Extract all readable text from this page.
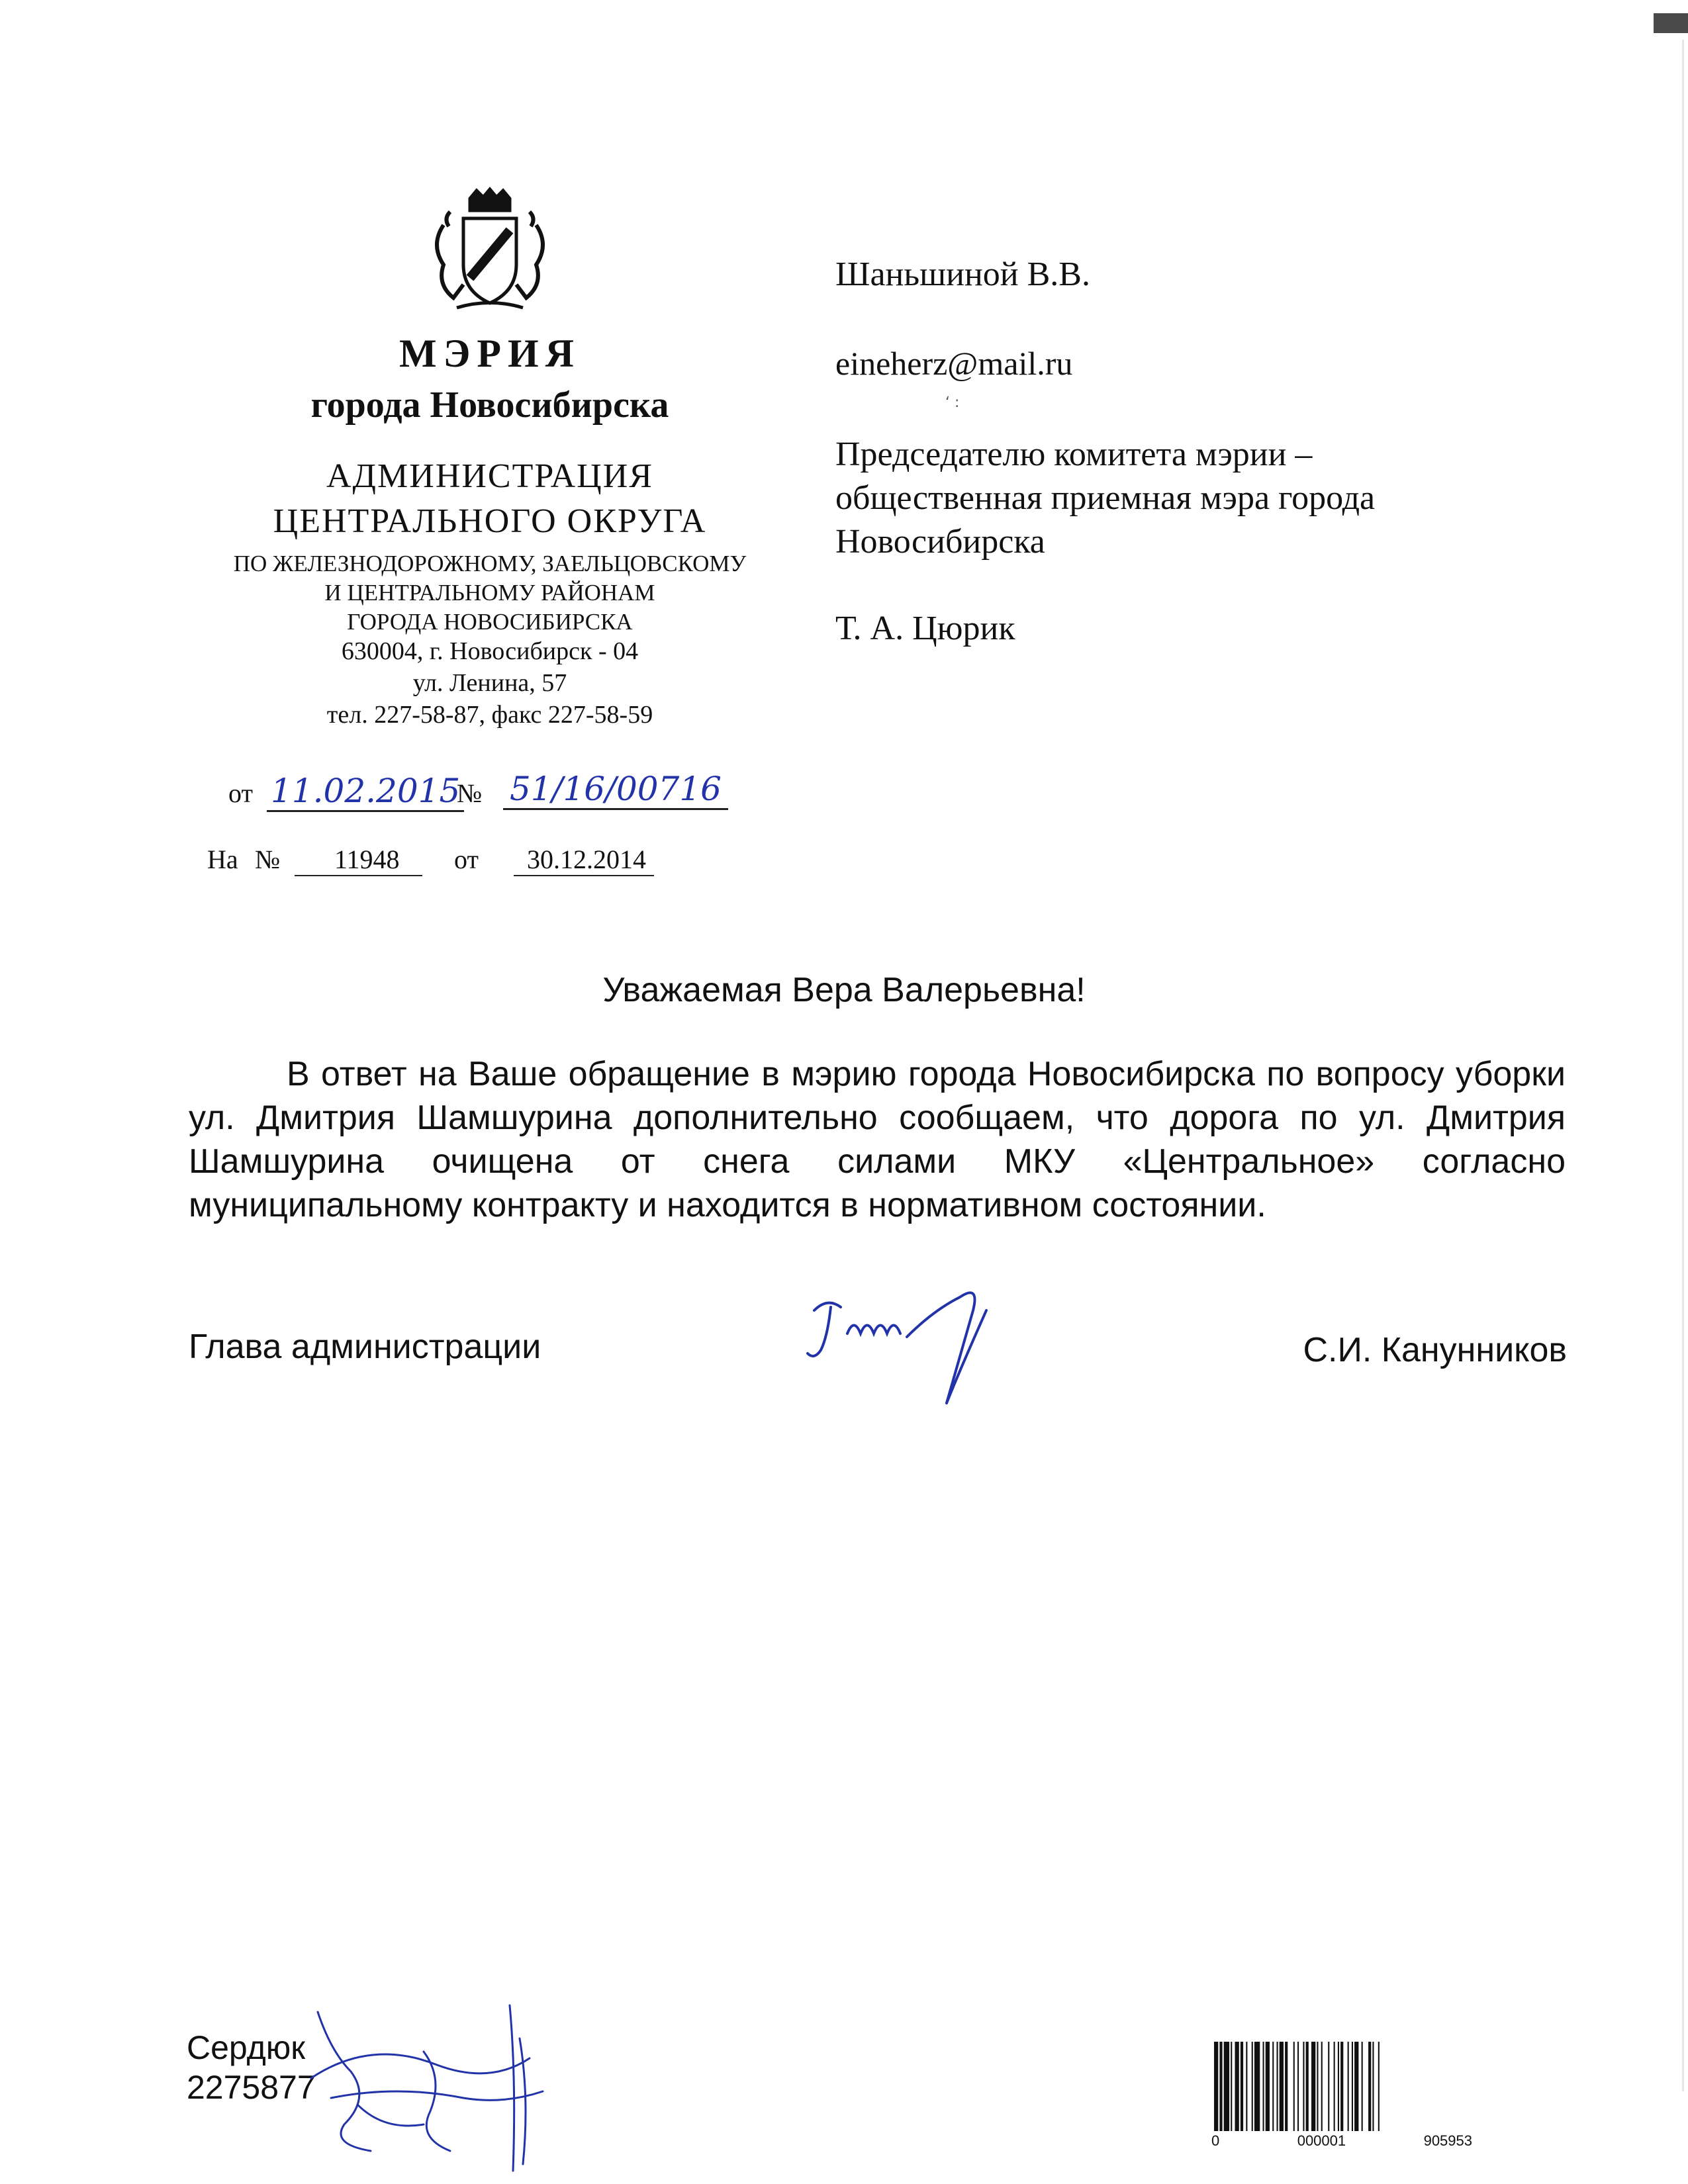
МЭРИЯ
города Новосибирска
АДМИНИСТРАЦИЯ
ЦЕНТРАЛЬНОГО ОКРУГА
ПО ЖЕЛЕЗНОДОРОЖНОМУ, ЗАЕЛЬЦОВСКОМУ
И ЦЕНТРАЛЬНОМУ РАЙОНАМ
ГОРОДА НОВОСИБИРСКА
630004, г. Новосибирск - 04
ул. Ленина, 57
тел. 227-58-87, факс 227-58-59
от 11.02.2015
№ 51/16/00716
На №	11948	от	30.12.2014
Шаньшиной В.В.
eineherz@mail.ru
ʻ :
Председателю комитета мэрии –
общественная приемная мэра города
Новосибирска
Т. А. Цюрик
Уважаемая Вера Валерьевна!
В ответ на Ваше обращение в мэрию города Новосибирска по вопросу уборки ул. Дмитрия Шамшурина дополнительно сообщаем, что дорога по ул. Дмитрия Шамшурина очищена от снега силами МКУ «Центральное» согласно муниципальному контракту и находится в нормативном состоянии.
Глава администрации	С.И. Канунников
Сердюк
2275877
0	000001	905953
